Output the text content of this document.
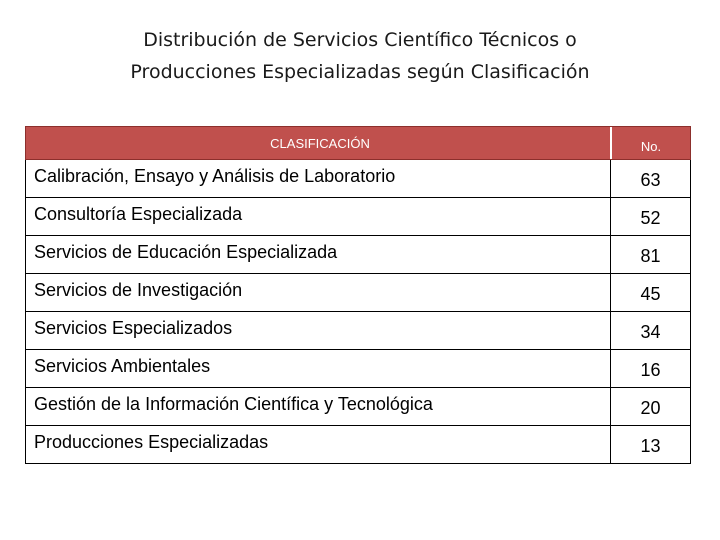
Distribución de Servicios Científico Técnicos o
Producciones Especializadas según Clasificación
CLASIFICACIÓN	No.
Calibración, Ensayo y Análisis de Laboratorio	63
Consultoría Especializada	52
Servicios de Educación Especializada	81
Servicios de Investigación	45
Servicios Especializados	34
Servicios Ambientales	16
Gestión de la Información Científica y Tecnológica	20
Producciones Especializadas	13
